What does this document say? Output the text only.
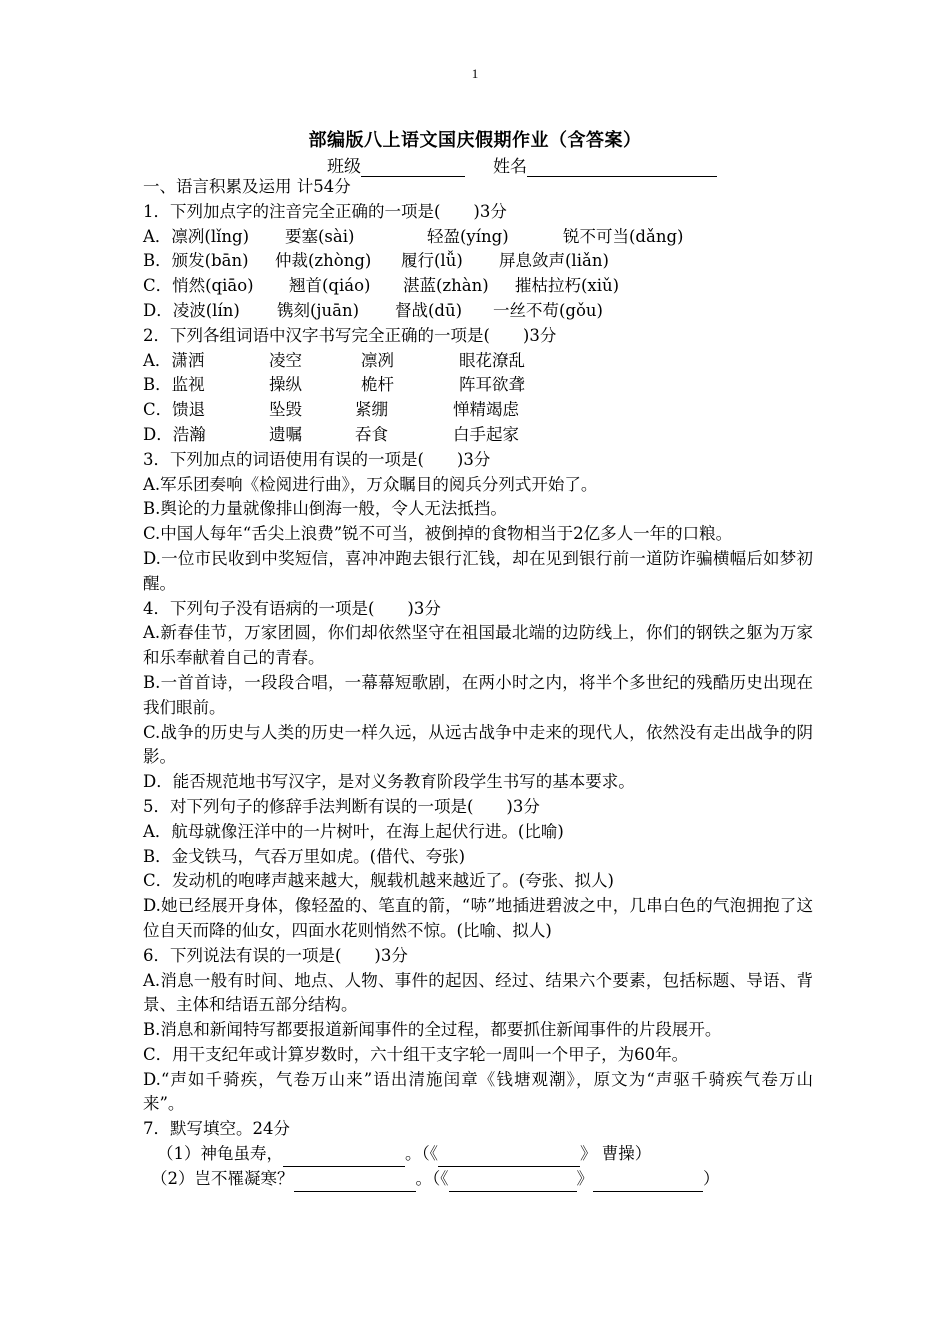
1
部编版八上语文国庆假期作业（含答案）
班级	姓名
一、语言积累及运用 计54分
1．下列加点字的注音完全正确的一项是(　　)3分
A．凛冽(lǐng) 要塞(sài)	轻盈(yíng)	锐不可当(dǎng)
B．颁发(bān) 仲裁(zhòng) 履行(lǚ) 屏息敛声(liǎn)
C．悄然(qiāo) 翘首(qiáo) 湛蓝(zhàn) 摧枯拉朽(xiǔ)
D．凌波(lín) 镌刻(juān) 督战(dū) 一丝不苟(gǒu)
2．下列各组词语中汉字书写完全正确的一项是(　　)3分
A．潇洒	凌空	凛冽	眼花潦乱
B．监视	操纵	桅杆	阵耳欲聋
C．馈退	坠毁	紧绷	惮精竭虑
D．浩瀚	遗嘱	吞食	白手起家
3．下列加点的词语使用有误的一项是(　　)3分
A.军乐团奏响《检阅进行曲》，万众瞩目的阅兵分列式开始了。
B.舆论的力量就像排山倒海一般，令人无法抵挡。
C.中国人每年“舌尖上浪费”锐不可当，被倒掉的食物相当于2亿多人一年的口粮。
D.一位市民收到中奖短信，喜冲冲跑去银行汇钱，却在见到银行前一道防诈骗横幅后如梦初醒。
4．下列句子没有语病的一项是(　　)3分
A.新春佳节，万家团圆，你们却依然坚守在祖国最北端的边防线上，你们的钢铁之躯为万家和乐奉献着自己的青春。
B.一首首诗，一段段合唱，一幕幕短歌剧，在两小时之内，将半个多世纪的残酷历史出现在我们眼前。
C.战争的历史与人类的历史一样久远，从远古战争中走来的现代人，依然没有走出战争的阴影。
D．能否规范地书写汉字，是对义务教育阶段学生书写的基本要求。
5．对下列句子的修辞手法判断有误的一项是(　　)3分
A．航母就像汪洋中的一片树叶，在海上起伏行进。(比喻)
B．金戈铁马，气吞万里如虎。(借代、夸张)
C．发动机的咆哮声越来越大，舰载机越来越近了。(夸张、拟人)
D.她已经展开身体，像轻盈的、笔直的箭，“哧”地插进碧波之中，几串白色的气泡拥抱了这位自天而降的仙女，四面水花则悄然不惊。(比喻、拟人)
6．下列说法有误的一项是(　　)3分
A.消息一般有时间、地点、人物、事件的起因、经过、结果六个要素，包括标题、导语、背景、主体和结语五部分结构。
B.消息和新闻特写都要报道新闻事件的全过程，都要抓住新闻事件的片段展开。
C．用干支纪年或计算岁数时，六十组干支字轮一周叫一个甲子，为60年。
D.“声如千骑疾，气卷万山来”语出清施闰章《钱塘观潮》，原文为“声驱千骑疾气卷万山来”。
7．默写填空。24分
（1）神龟虽寿，	。（《	》 曹操）
（2）岂不罹凝寒？	。（《	》	）
